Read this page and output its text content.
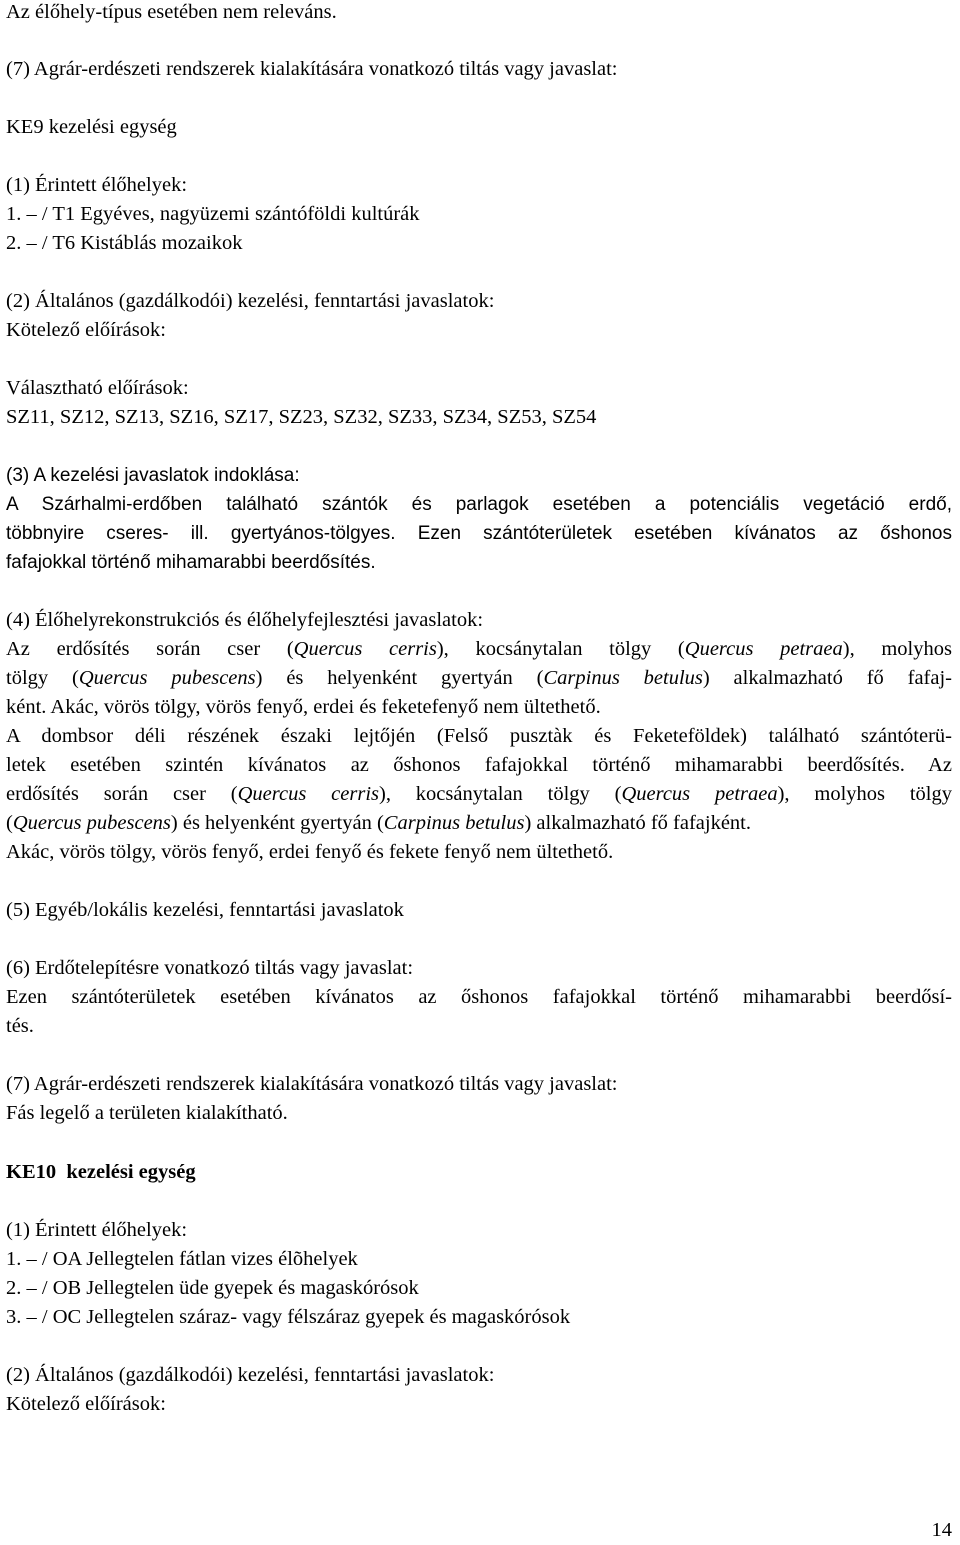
Az élőhely-típus esetében nem releváns.
(7) Agrár-erdészeti rendszerek kialakítására vonatkozó tiltás vagy javaslat:
KE9 kezelési egység
(1) Érintett élőhelyek:
1. – / T1 Egyéves, nagyüzemi szántóföldi kultúrák
2. – / T6 Kistáblás mozaikok
(2) Általános (gazdálkodói) kezelési, fenntartási javaslatok:
Kötelező előírások:
Választható előírások:
SZ11, SZ12, SZ13, SZ16, SZ17, SZ23, SZ32, SZ33, SZ34, SZ53, SZ54
(3) A kezelési javaslatok indoklása:
A Szárhalmi-erdőben található szántók és parlagok esetében a potenciális vegetáció erdő,
többnyire cseres- ill. gyertyános-tölgyes. Ezen szántóterületek esetében kívánatos az őshonos
fafajokkal történő mihamarabbi beerdősítés.
(4) Élőhelyrekonstrukciós és élőhelyfejlesztési javaslatok:
Az erdősítés során cser (Quercus cerris), kocsánytalan tölgy (Quercus petraea), molyhos
tölgy (Quercus pubescens) és helyenként gyertyán (Carpinus betulus) alkalmazható fő fafaj-
ként. Akác, vörös tölgy, vörös fenyő, erdei és feketefenyő nem ültethető.
A dombsor déli részének északi lejtőjén (Felső pusztàk és Feketeföldek) található szántóterü-
letek esetében szintén kívánatos az őshonos fafajokkal történő mihamarabbi beerdősítés. Az
erdősítés során cser (Quercus cerris), kocsánytalan tölgy (Quercus petraea), molyhos tölgy
(Quercus pubescens) és helyenként gyertyán (Carpinus betulus) alkalmazható fő fafajként.
Akác, vörös tölgy, vörös fenyő, erdei fenyő és fekete fenyő nem ültethető.
(5) Egyéb/lokális kezelési, fenntartási javaslatok
(6) Erdőtelepítésre vonatkozó tiltás vagy javaslat:
Ezen szántóterületek esetében kívánatos az őshonos fafajokkal történő mihamarabbi beerdősí-
tés.
(7) Agrár-erdészeti rendszerek kialakítására vonatkozó tiltás vagy javaslat:
Fás legelő a területen kialakítható.
KE10  kezelési egység
(1) Érintett élőhelyek:
1. – / OA Jellegtelen fátlan vizes élõhelyek
2. – / OB Jellegtelen üde gyepek és magaskórósok
3. – / OC Jellegtelen száraz- vagy félszáraz gyepek és magaskórósok
(2) Általános (gazdálkodói) kezelési, fenntartási javaslatok:
Kötelező előírások:
14
